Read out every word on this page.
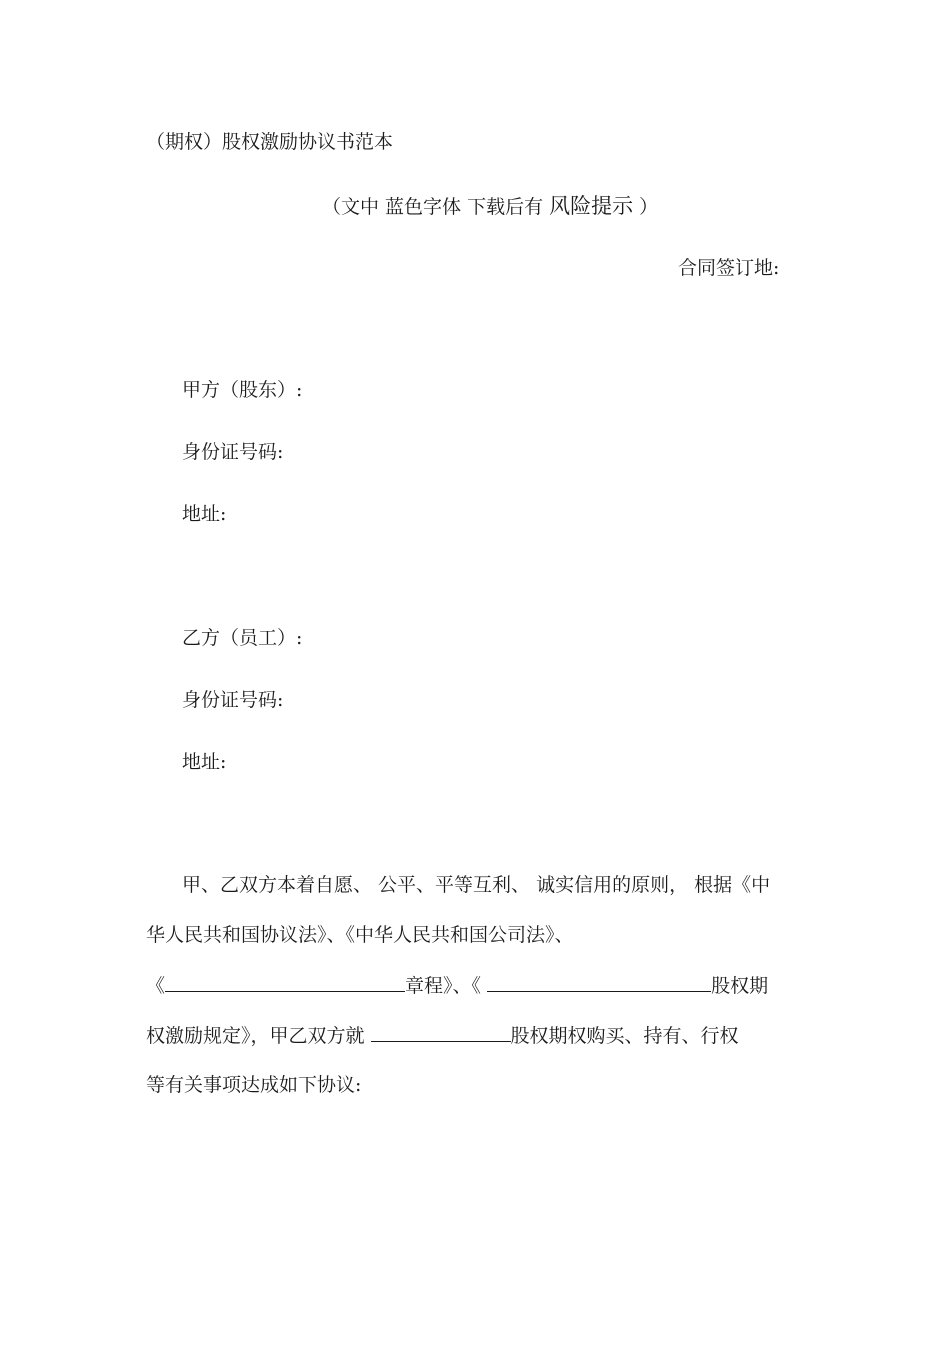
（期权）股权激励协议书范本
（文中 蓝色字体 下载后有 风险提示 ）
合同签订地:
甲方（股东）:
身份证号码:
地址:
乙方（员工）:
身份证号码:
地址:
甲、乙双方本着自愿、 公平、平等互利、 诚实信用的原则， 根据《中
华人民共和国协议法》、《中华人民共和国公司法》、
《	章程》、《	股权期
权激励规定》，甲乙双方就	股权期权购买、持有、行权
等有关事项达成如下协议:
